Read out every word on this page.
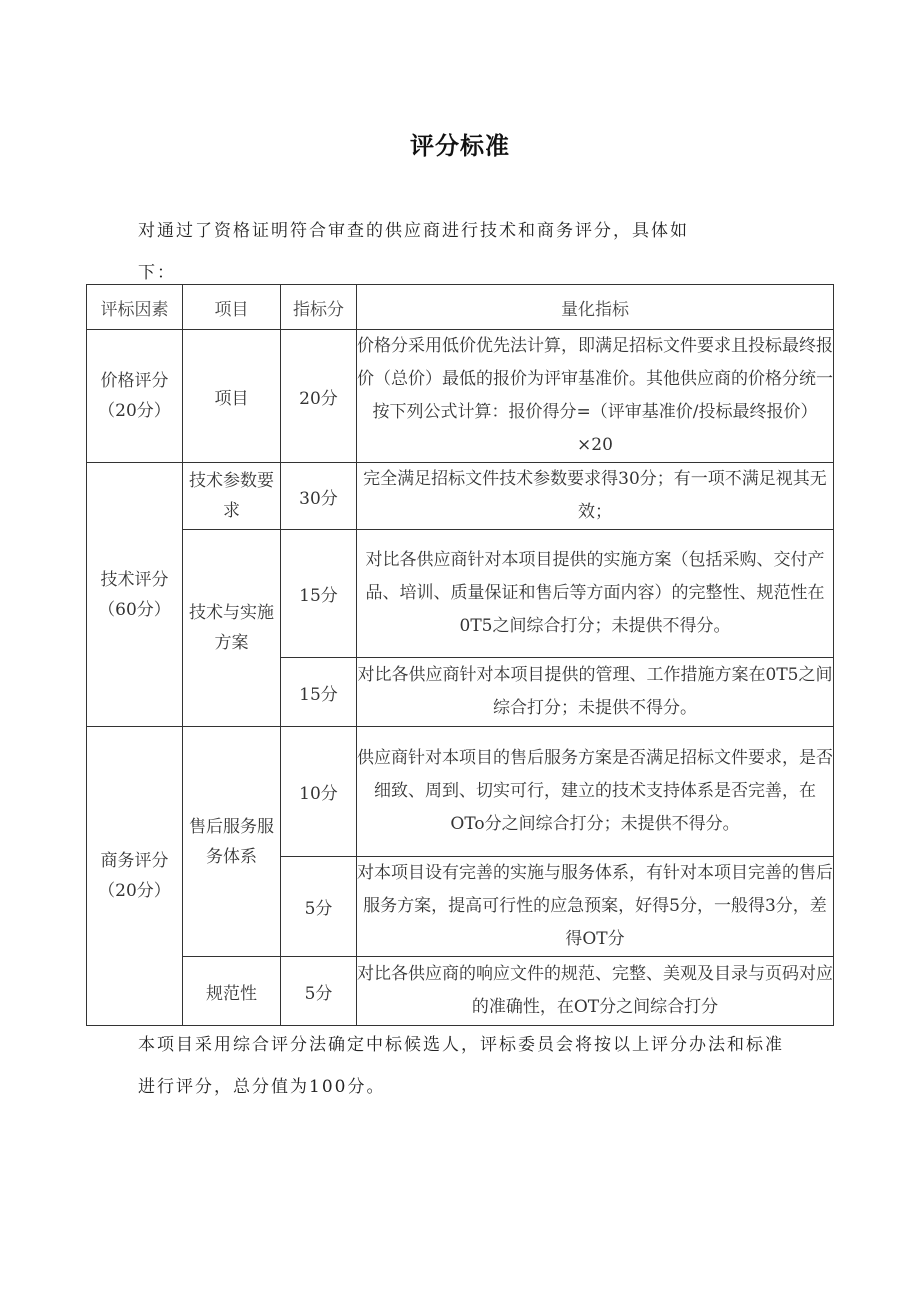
评分标准
对通过了资格证明符合审查的供应商进行技术和商务评分，具体如
下：
评标因素	项目	指标分	量化指标
价格评分（20分）	项目	20分	价格分采用低价优先法计算，即满足招标文件要求且投标最终报价（总价）最低的报价为评审基准价。其他供应商的价格分统一按下列公式计算：报价得分=（评审基准价/投标最终报价）×20
技术评分（60分）	技术参数要求	30分	完全满足招标文件技术参数要求得30分；有一项不满足视其无效；
	技术与实施方案	15分	对比各供应商针对本项目提供的实施方案（包括采购、交付产品、培训、质量保证和售后等方面内容）的完整性、规范性在0T5之间综合打分；未提供不得分。
		15分	对比各供应商针对本项目提供的管理、工作措施方案在0T5之间综合打分；未提供不得分。
商务评分（20分）	售后服务服务体系	10分	供应商针对本项目的售后服务方案是否满足招标文件要求，是否细致、周到、切实可行，建立的技术支持体系是否完善，在OTo分之间综合打分；未提供不得分。
		5分	对本项目设有完善的实施与服务体系，有针对本项目完善的售后服务方案，提高可行性的应急预案，好得5分，一般得3分，差得OT分
	规范性	5分	对比各供应商的响应文件的规范、完整、美观及目录与页码对应的准确性，在OT分之间综合打分
本项目采用综合评分法确定中标候选人，评标委员会将按以上评分办法和标准
进行评分，总分值为100分。
